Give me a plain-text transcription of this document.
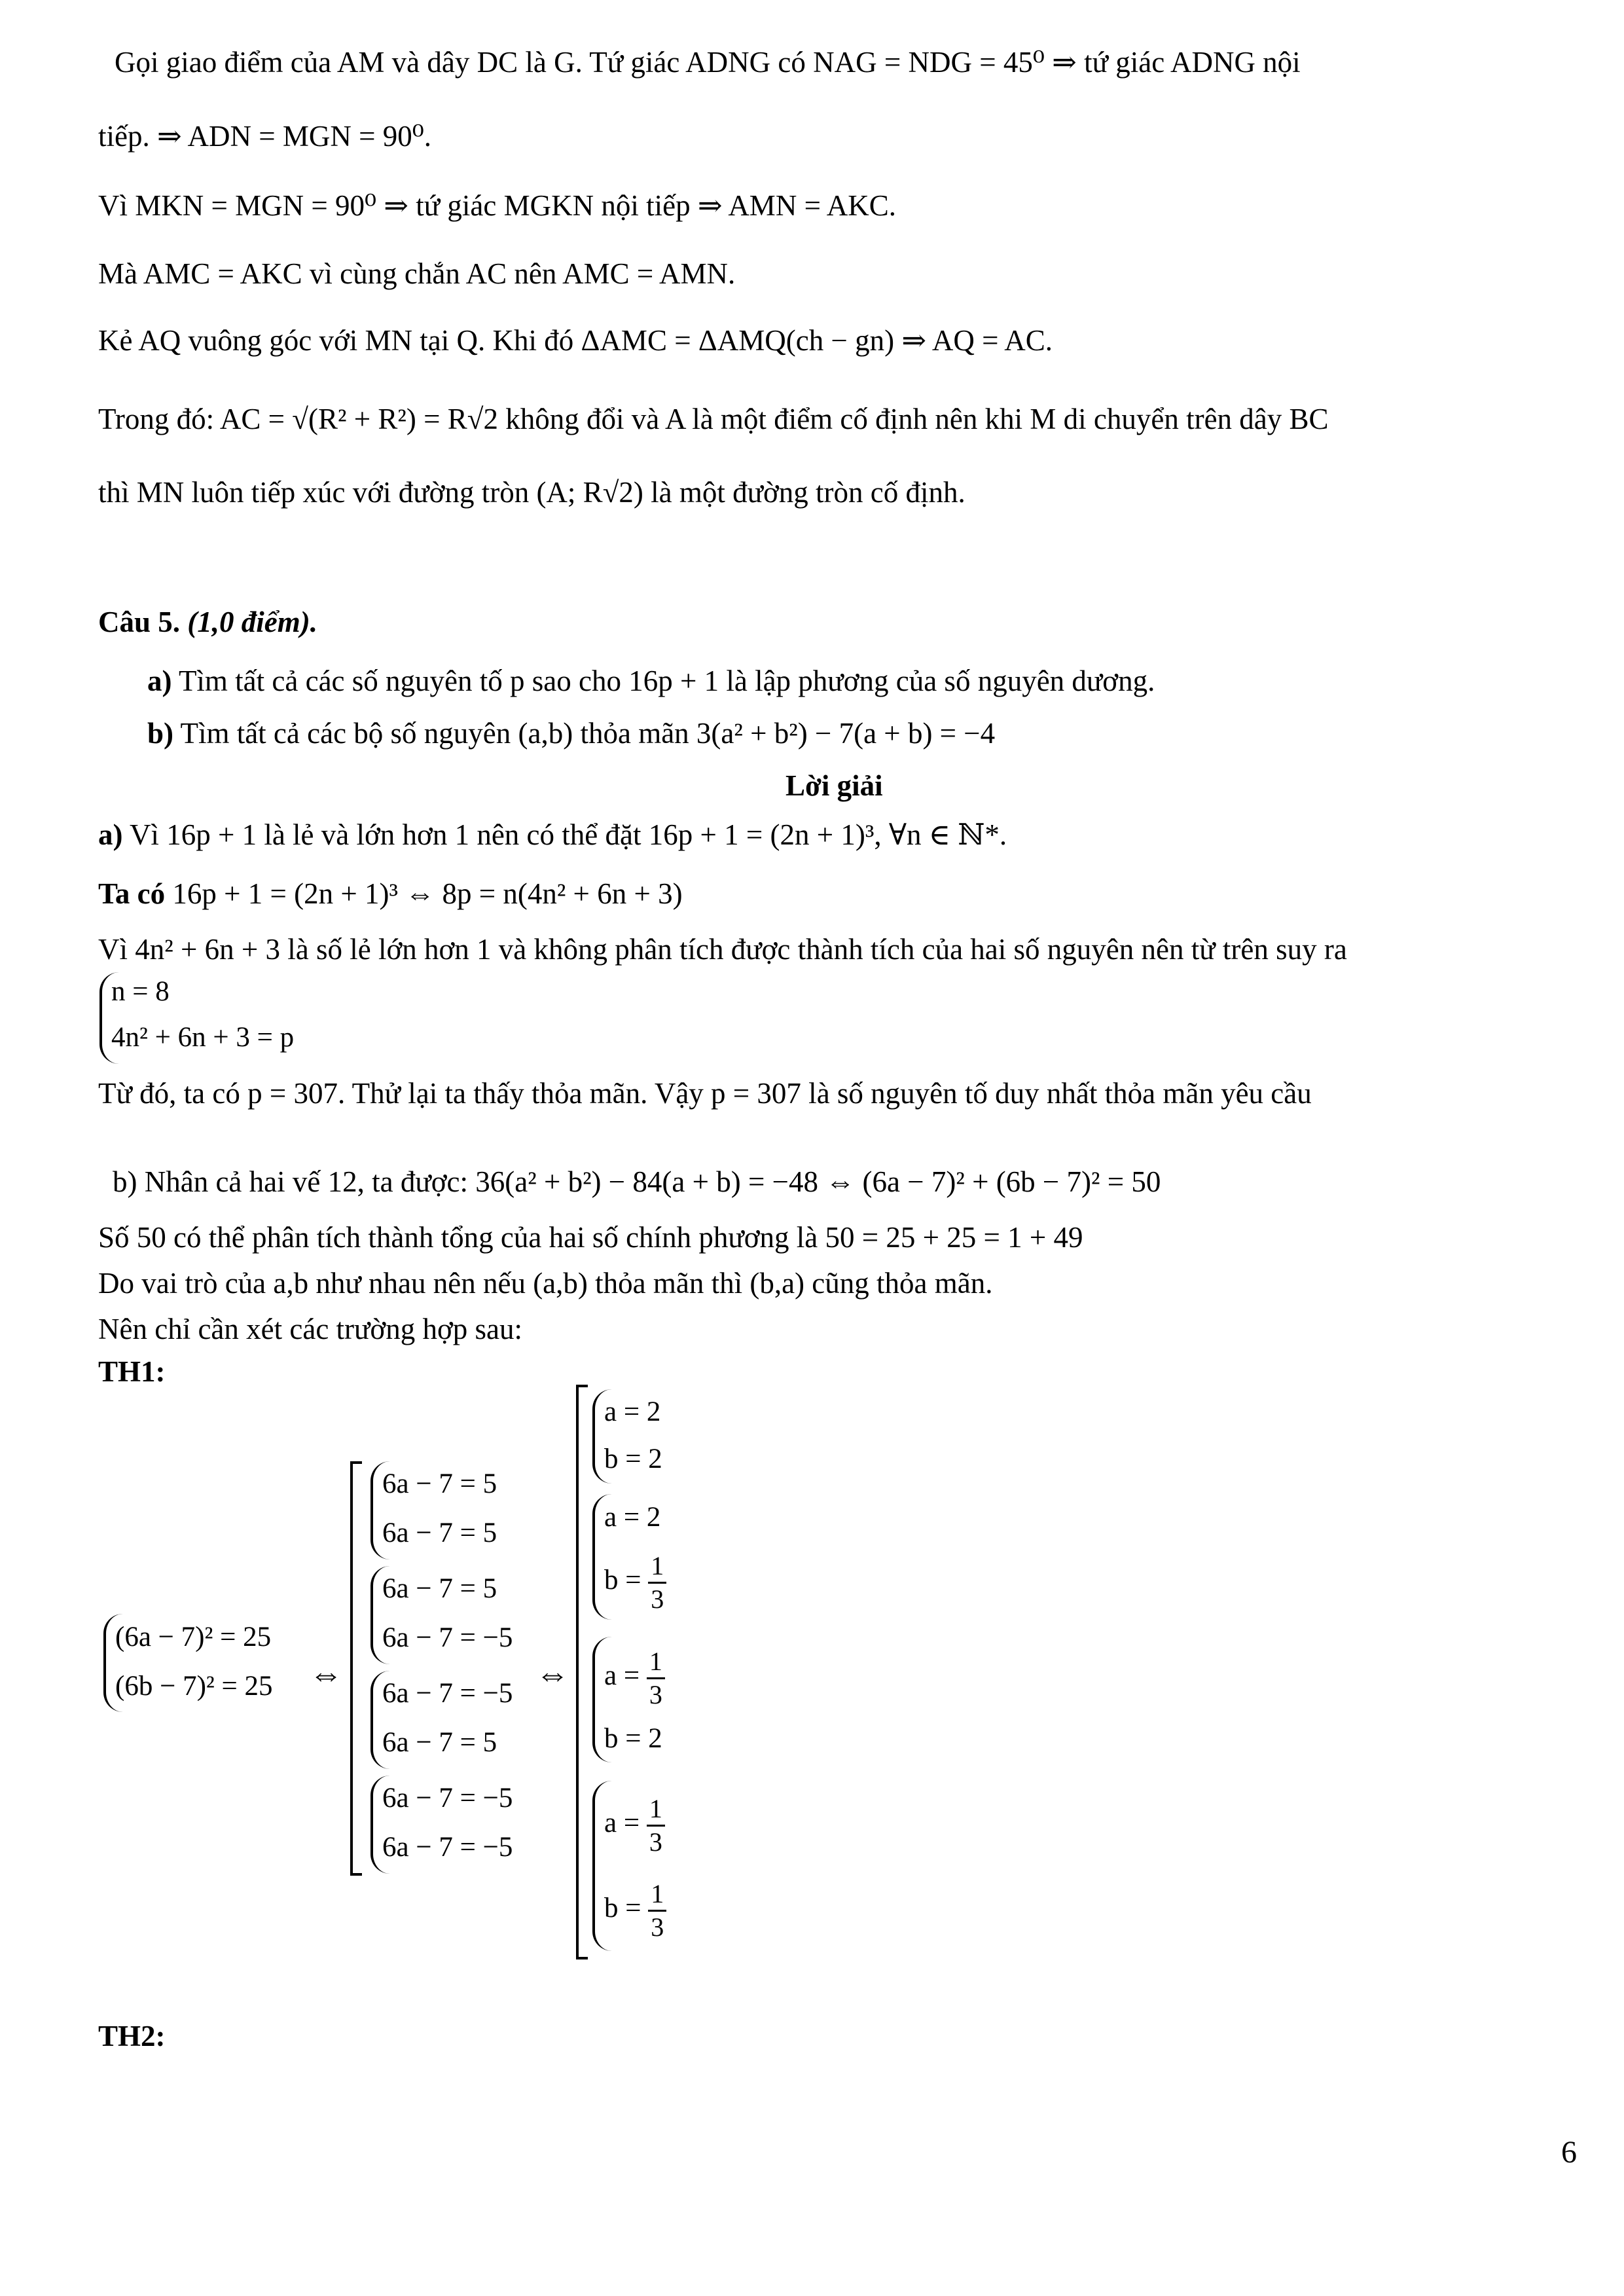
Gọi giao điểm của AM và dây DC là G. Tứ giác ADNG có NAG = NDG = 45⁰ ⇒ tứ giác ADNG nội
tiếp. ⇒ ADN = MGN = 90⁰.
Vì MKN = MGN = 90⁰ ⇒ tứ giác MGKN nội tiếp ⇒ AMN = AKC.
Mà AMC = AKC vì cùng chắn AC nên AMC = AMN.
Kẻ AQ vuông góc với MN tại Q. Khi đó ΔAMC = ΔAMQ(ch − gn) ⇒ AQ = AC.
Trong đó: AC = √(R² + R²) = R√2 không đổi và A là một điểm cố định nên khi M di chuyển trên dây BC
thì MN luôn tiếp xúc với đường tròn (A; R√2) là một đường tròn cố định.
Câu 5. (1,0 điểm).
a) Tìm tất cả các số nguyên tố p sao cho 16p + 1 là lập phương của số nguyên dương.
b) Tìm tất cả các bộ số nguyên (a,b) thỏa mãn 3(a² + b²) − 7(a + b) = −4
Lời giải
a) Vì 16p + 1 là lẻ và lớn hơn 1 nên có thể đặt 16p + 1 = (2n + 1)³, ∀n ∈ ℕ*.
Ta có 16p + 1 = (2n + 1)³ ⇔ 8p = n(4n² + 6n + 3)
Vì 4n² + 6n + 3 là số lẻ lớn hơn 1 và không phân tích được thành tích của hai số nguyên nên từ trên suy ra
n = 8
4n² + 6n + 3 = p
Từ đó, ta có p = 307. Thử lại ta thấy thỏa mãn. Vậy p = 307 là số nguyên tố duy nhất thỏa mãn yêu cầu
b) Nhân cả hai vế 12, ta được: 36(a² + b²) − 84(a + b) = −48 ⇔ (6a − 7)² + (6b − 7)² = 50
Số 50 có thể phân tích thành tổng của hai số chính phương là 50 = 25 + 25 = 1 + 49
Do vai trò của a,b như nhau nên nếu (a,b) thỏa mãn thì (b,a) cũng thỏa mãn.
Nên chỉ cần xét các trường hợp sau:
TH1:
(6a − 7)² = 25
(6b − 7)² = 25 ⇔
6a − 7 = 5
6a − 7 = 5
6a − 7 = 5
6a − 7 = −5
6a − 7 = −5
6a − 7 = 5
6a − 7 = −5
6a − 7 = −5
⇔
a = 2
b = 2
a = 2
$b = \frac{1}{3}$
$a = \frac{1}{3}$
b = 2
$a = \frac{1}{3}$
$b = \frac{1}{3}$
TH2:
6
